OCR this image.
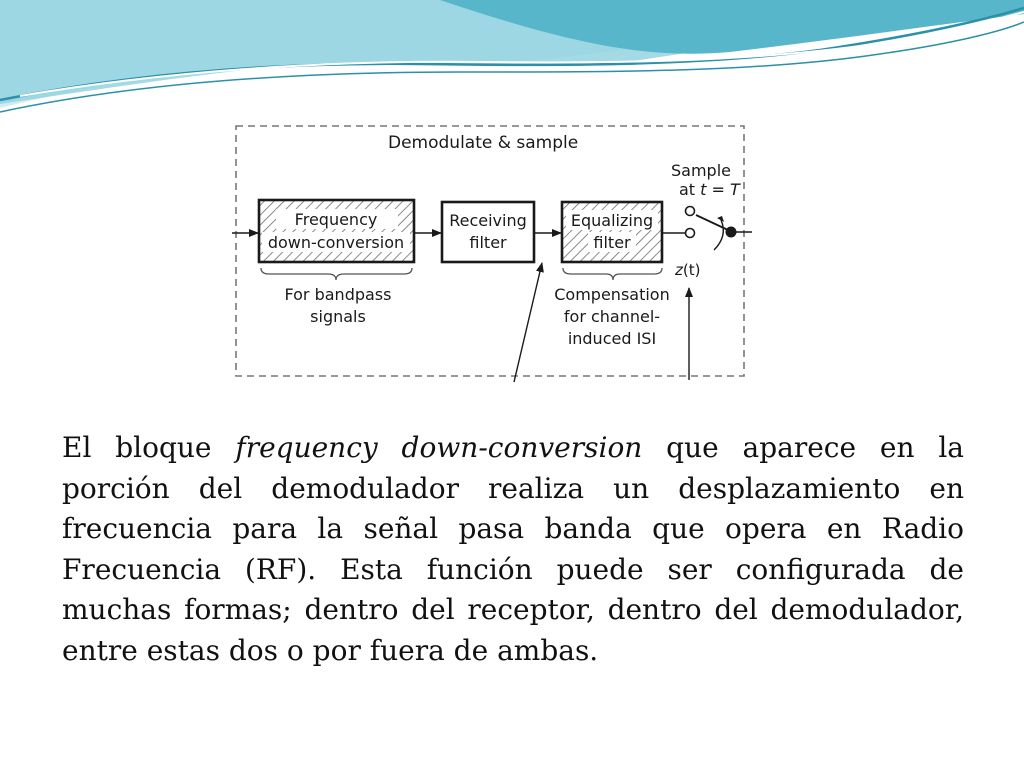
Demodulate & sample
Frequency
down-conversion
Receiving
filter
Equalizing
filter
Sample
at t = T
z(t)
For bandpass
signals
Compensation
for channel-
induced ISI

El bloque frequency down-conversion que aparece en la porción del demodulador realiza un desplazamiento en frecuencia para la señal pasa banda que opera en Radio Frecuencia (RF). Esta función puede ser configurada de muchas formas; dentro del receptor, dentro del demodulador, entre estas dos o por fuera de ambas.
